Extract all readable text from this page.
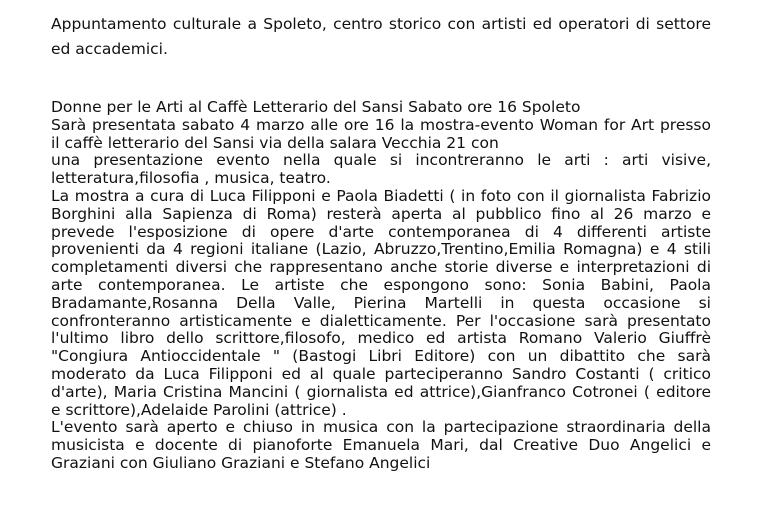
Appuntamento culturale a Spoleto, centro storico con artisti ed operatori di settore ed accademici.

Donne per le Arti al Caffè Letterario del Sansi Sabato ore 16 Spoleto

Sarà presentata sabato 4 marzo alle ore 16 la mostra-evento Woman for Art presso il caffè letterario del Sansi via della salara Vecchia 21 con

una presentazione evento nella quale si incontreranno le arti : arti visive, letteratura,filosofia , musica, teatro.

La mostra a cura di Luca Filipponi e Paola Biadetti ( in foto con il giornalista Fabrizio Borghini alla Sapienza di Roma) resterà aperta al pubblico fino al 26 marzo e prevede l'esposizione di opere d'arte contemporanea di 4 differenti artiste provenienti da 4 regioni italiane (Lazio, Abruzzo,Trentino,Emilia Romagna) e 4 stili completamenti diversi che rappresentano anche storie diverse e interpretazioni di arte contemporanea. Le artiste che espongono sono: Sonia Babini, Paola Bradamante,Rosanna Della Valle, Pierina Martelli in questa occasione si confronteranno artisticamente e dialetticamente. Per l'occasione sarà presentato l'ultimo libro dello scrittore,filosofo, medico ed artista Romano Valerio Giuffrè "Congiura Antioccidentale " (Bastogi Libri Editore) con un dibattito che sarà moderato da Luca Filipponi ed al quale parteciperanno Sandro Costanti ( critico d'arte), Maria Cristina Mancini ( giornalista ed attrice),Gianfranco Cotronei ( editore e scrittore),Adelaide Parolini (attrice) .

L'evento sarà aperto e chiuso in musica con la partecipazione straordinaria della musicista e docente di pianoforte Emanuela Mari, dal Creative Duo Angelici e Graziani con Giuliano Graziani e Stefano Angelici
